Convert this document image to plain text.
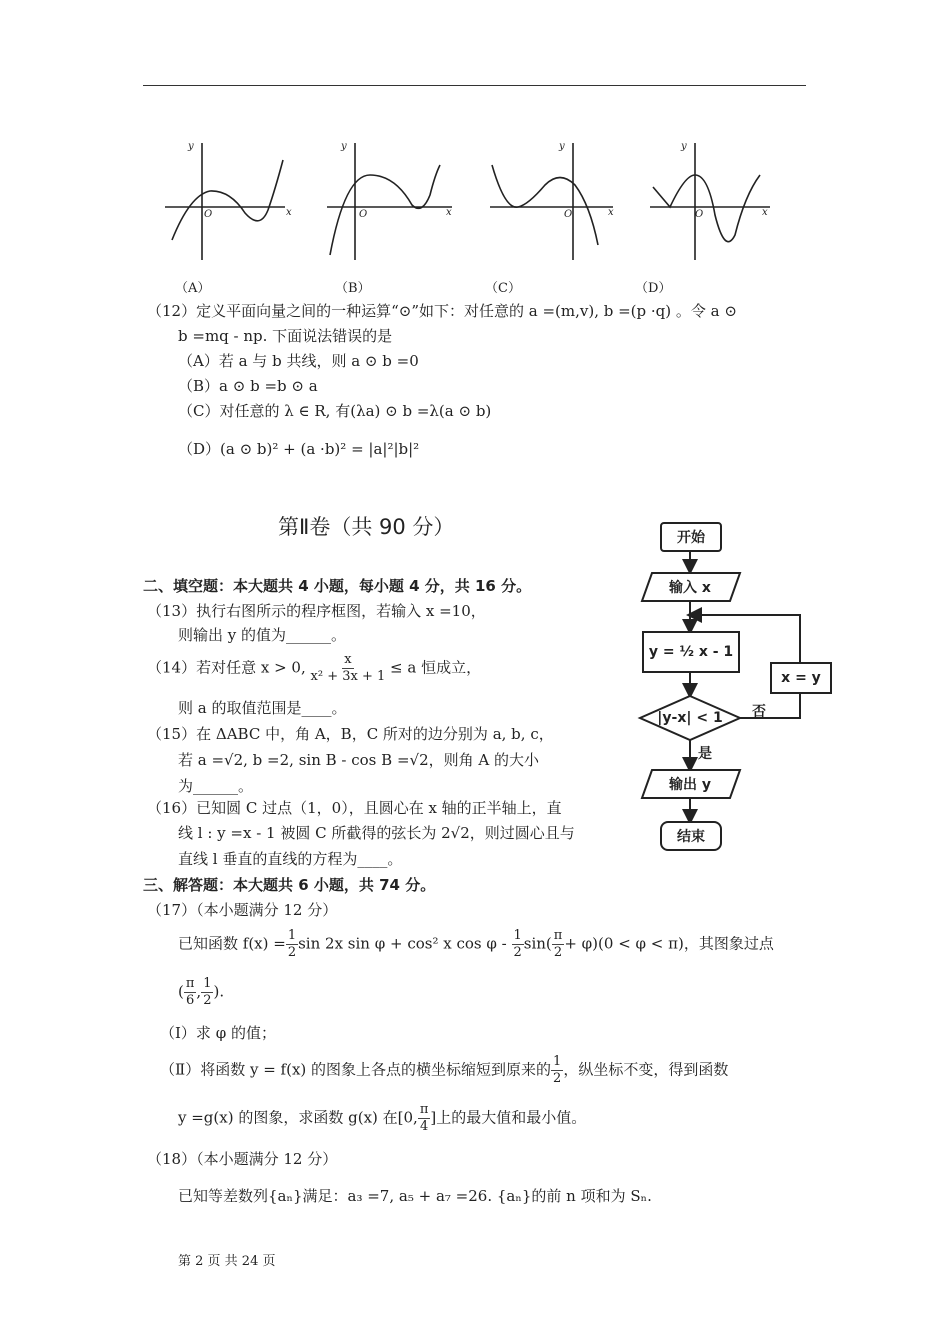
y
O	x
y
O	x
y
O	x
y
O	x
（A）	（B）	（C）	（D）
（12）定义平面向量之间的一种运算“⊙”如下：对任意的 a =(m,v), b =(p ·q) 。令 a ⊙
b =mq - np. 下面说法错误的是
（A）若 a 与 b 共线，则 a ⊙ b =0
（B）a ⊙ b =b ⊙ a
（C）对任意的 λ ∈ R, 有(λa) ⊙ b =λ(a ⊙ b)
（D）(a ⊙ b)² + (a ·b)² = |a|²|b|²
第Ⅱ卷（共 90 分）
二、填空题：本大题共 4 小题，每小题 4 分，共 16 分。
（13）执行右图所示的程序框图，若输入 x =10，
则输出 y 的值为______。
（14）若对任意 x > 0, $\frac{x}{\text{x² + 3x + 1}} \le a$ 恒成立，
则 a 的取值范围是____。
（15）在 ΔABC 中，角 A，B，C 所对的边分别为 a, b, c，
若 a =√2, b =2, sin B - cos B =√2，则角 A 的大小
为______。
（16）已知圆 C 过点（1，0），且圆心在 x 轴的正半轴上，直
线 l : y =x - 1 被圆 C 所截得的弦长为 2√2，则过圆心且与
直线 l 垂直的直线的方程为____。
三、解答题：本大题共 6 小题，共 74 分。
（17）（本小题满分 12 分）
已知函数 $f(x) = \frac{1}{2}$ sin 2x sin φ + cos² x $\cos \varphi - \frac{1}{2} \sin( \frac{\pi}{2} + \varphi)(0 < \varphi < \pi)$，其图象过点
( $\frac{\pi}{6}$ , $\frac{1}{2}$ ).
（Ⅰ）求 φ 的值；
（Ⅱ）将函数 y = f(x) 的图象上各点的横坐标缩短到原来的 $\frac{1}{2}$ ，纵坐标不变，得到函数
y =g(x) 的图象，求函数 g(x) 在[0, $\frac{\pi}{4}$ ]上的最大值和最小值。
（18）（本小题满分 12 分）
已知等差数列{aₙ}满足：a₃ =7, a₅ + a₇ =26. {aₙ}的前 n 项和为 Sₙ.
开始
输入 x
y = ½ x - 1
x = y
|y-x| < 1	否
是
输出 y
结束
第 2 页 共 24 页
